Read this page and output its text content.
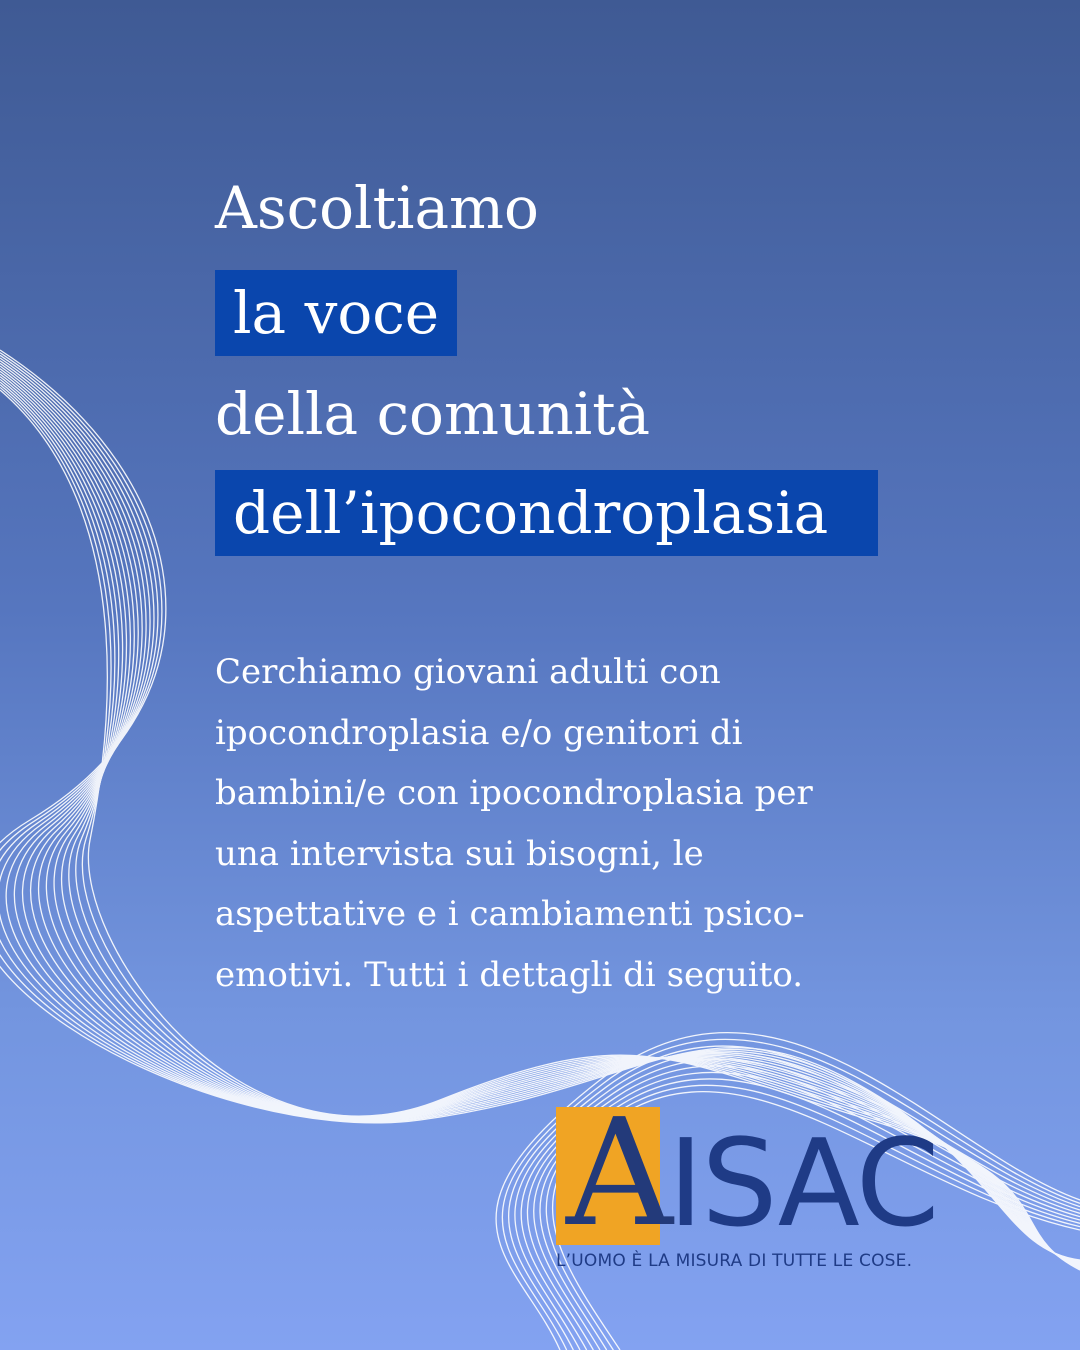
Ascoltiamo
la voce
della comunità
dell’ipocondroplasia
Cerchiamo giovani adulti con ipocondroplasia e/o genitori di bambini/e con ipocondroplasia per una intervista sui bisogni, le aspettative e i cambiamenti psico-emotivi. Tutti i dettagli di seguito.
A
ISAC
L’UOMO È LA MISURA DI TUTTE LE COSE.
